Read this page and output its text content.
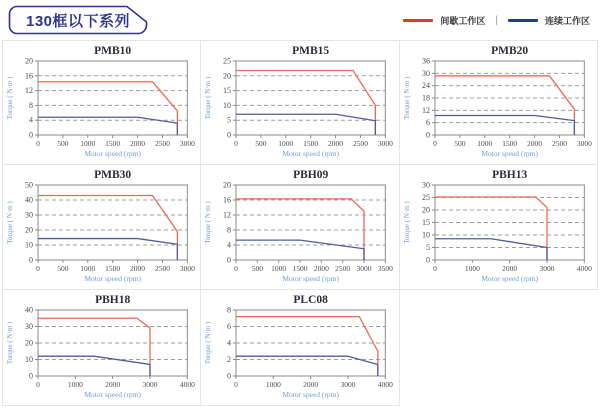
130框以下系列	间歇工作区 |	连续工作区
PMB10
0
4
8
12
16
20
0 500 1000 1500 2000 2500 3000
Motor speed (rpm)
Torque ( N·m )
PMB15
0
5
10
15
20
25
0 500 1000 1500 2000 2500 3000
Motor speed (rpm)
Torque ( N·m )
PMB20
0
6
12
18
24
30
36
0 500 1000 1500 2000 2500 3000
Motor speed (rpm)
Torque ( N·m )
PMB30
0
10
20
30
40
50
0 500 1000 1500 2000 2500 3000
Motor speed (rpm)
Torque ( N·m )
PBH09
0
4
8
12
16
20
0 500 1000 1500 2000 2500 3000 3500
Motor speed (rpm)
Torque ( N·m )
PBH13
0
5
10
15
20
25
30
0	1000	2000	3000	4000
Motor speed (rpm)
Torque ( N·m )
PBH18
0
10
20
30
40
0	1000	2000	3000	4000
Motor speed (rpm)
Torque ( N·m )
PLC08
0
2
4
6
8
0	1000	2000	3000	4000
Motor speed (rpm)
Torque ( N·m )
